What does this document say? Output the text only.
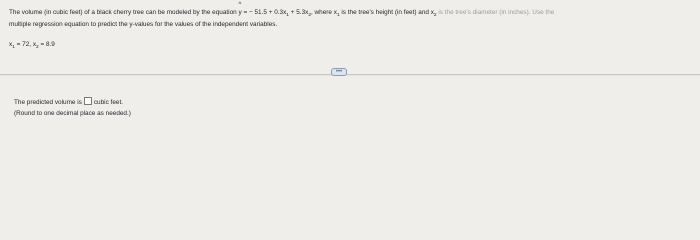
The volume (in cubic feet) of a black cherry tree can be modeled by the equation ^ y = − $51.5 + 0.3x_1 + 5.3x_2$, where $x_1$ is the tree's height (in feet) and $x_2$ is the tree's diameter (in inches). Use the
multiple regression equation to predict the y-values for the values of the independent variables.
$x_1 = 72$, $x_2 = 8.9$
•••
The predicted volume is cubic feet.
(Round to one decimal place as needed.)
